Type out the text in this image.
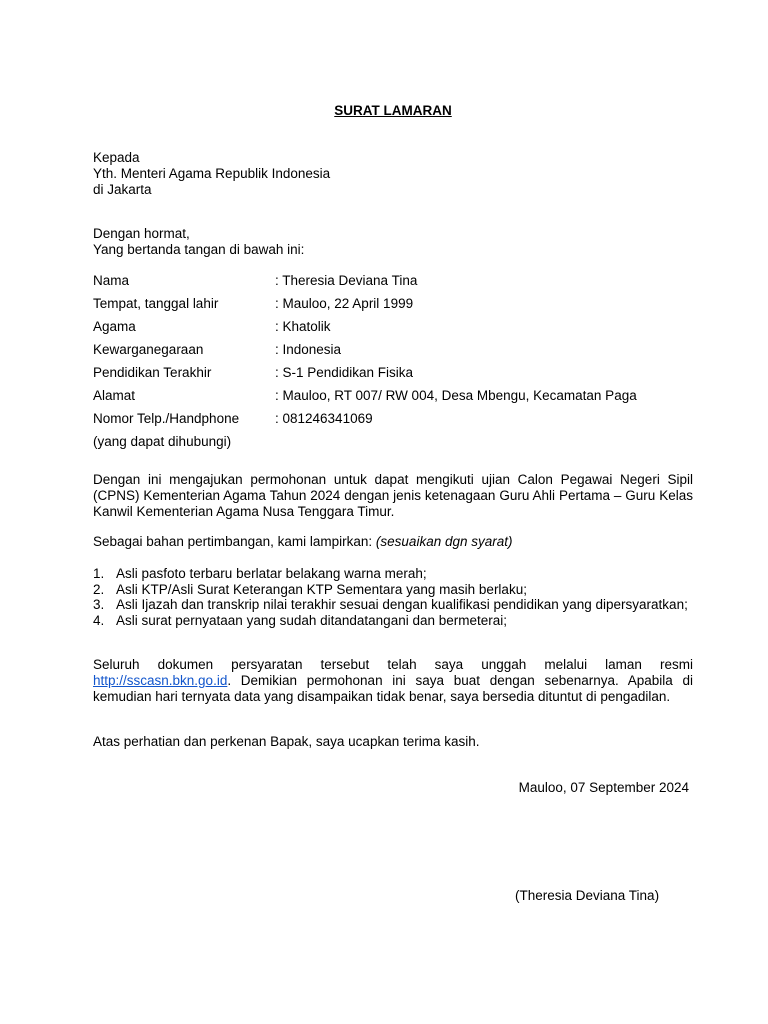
SURAT LAMARAN
Kepada
Yth. Menteri Agama Republik Indonesia
di Jakarta
Dengan hormat,
Yang bertanda tangan di bawah ini:
Nama	: Theresia Deviana Tina
Tempat, tanggal lahir	: Mauloo, 22 April 1999
Agama	: Khatolik
Kewarganegaraan	: Indonesia
Pendidikan Terakhir	: S-1 Pendidikan Fisika
Alamat	: Mauloo, RT 007/ RW 004, Desa Mbengu, Kecamatan Paga
Nomor Telp./Handphone	: 081246341069
(yang dapat dihubungi)
Dengan ini mengajukan permohonan untuk dapat mengikuti ujian Calon Pegawai Negeri Sipil (CPNS) Kementerian Agama Tahun 2024 dengan jenis ketenagaan Guru Ahli Pertama – Guru Kelas Kanwil Kementerian Agama Nusa Tenggara Timur.
Sebagai bahan pertimbangan, kami lampirkan: (sesuaikan dgn syarat)
1. Asli pasfoto terbaru berlatar belakang warna merah;
2. Asli KTP/Asli Surat Keterangan KTP Sementara yang masih berlaku;
3. Asli Ijazah dan transkrip nilai terakhir sesuai dengan kualifikasi pendidikan yang dipersyaratkan;
4. Asli surat pernyataan yang sudah ditandatangani dan bermeterai;
Seluruh dokumen persyaratan tersebut telah saya unggah melalui laman resmi http://sscasn.bkn.go.id. Demikian permohonan ini saya buat dengan sebenarnya. Apabila di kemudian hari ternyata data yang disampaikan tidak benar, saya bersedia dituntut di pengadilan.
Atas perhatian dan perkenan Bapak, saya ucapkan terima kasih.
Mauloo, 07 September 2024
(Theresia Deviana Tina)
